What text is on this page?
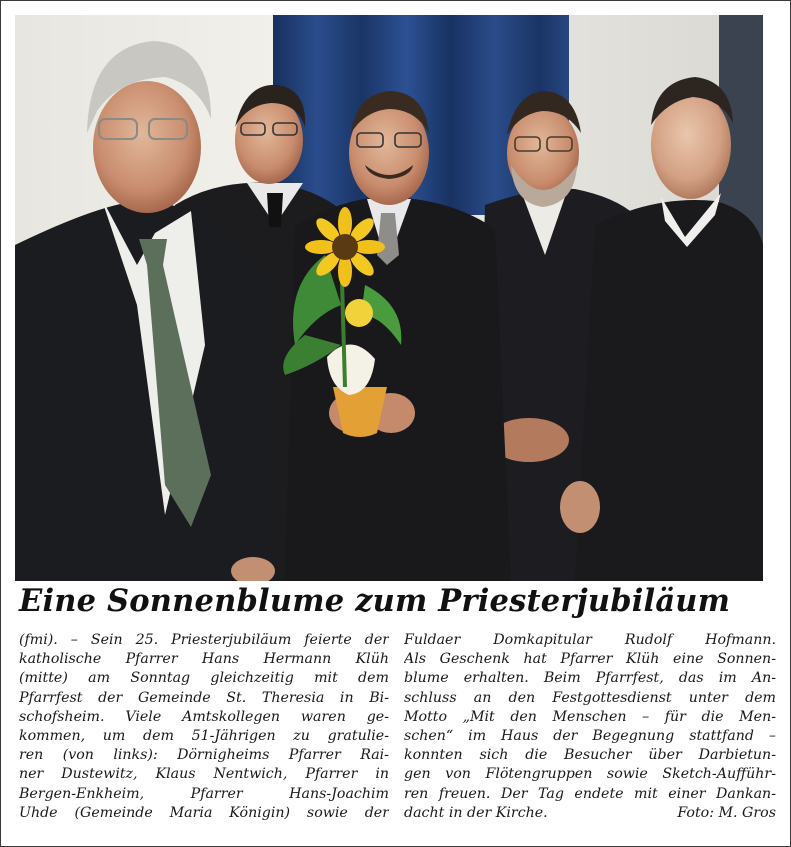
Eine Sonnenblume zum Priesterjubiläum
(fmi). – Sein 25. Priesterjubiläum feierte der
katholische Pfarrer Hans Hermann Klüh
(mitte) am Sonntag gleichzeitig mit dem
Pfarrfest der Gemeinde St. Theresia in Bi-
schofsheim. Viele Amtskollegen waren ge-
kommen, um dem 51-Jährigen zu gratulie-
ren (von links): Dörnigheims Pfarrer Rai-
ner Dustewitz, Klaus Nentwich, Pfarrer in
Bergen-Enkheim, Pfarrer Hans-Joachim
Uhde (Gemeinde Maria Königin) sowie der
Fuldaer Domkapitular Rudolf Hofmann.
Als Geschenk hat Pfarrer Klüh eine Sonnen-
blume erhalten. Beim Pfarrfest, das im An-
schluss an den Festgottesdienst unter dem
Motto „Mit den Menschen – für die Men-
schen“ im Haus der Begegnung stattfand –
konnten sich die Besucher über Darbietun-
gen von Flötengruppen sowie Sketch-Aufführ-
ren freuen. Der Tag endete mit einer Dankan-
dacht in der Kirche.	Foto: M. Gros
